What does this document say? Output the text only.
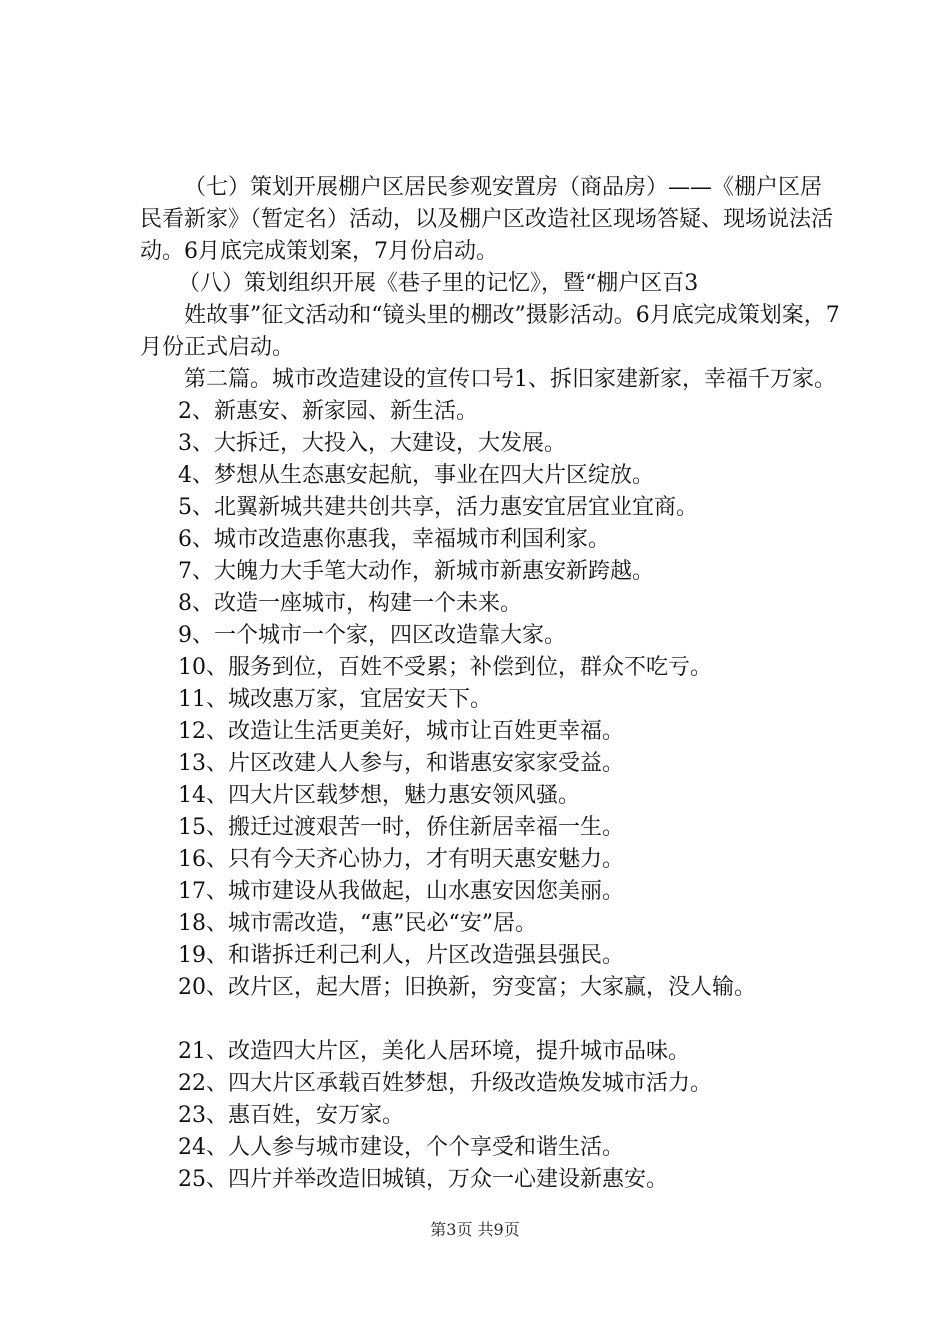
（七）策划开展棚户区居民参观安置房（商品房）——《棚户区居民看新家》（暂定名）活动，以及棚户区改造社区现场答疑、现场说法活动。6月底完成策划案，7月份启动。

（八）策划组织开展《巷子里的记忆》，暨“棚户区百3

姓故事”征文活动和“镜头里的棚改”摄影活动。6月底完成策划案，7月份正式启动。

第二篇。城市改造建设的宣传口号1、拆旧家建新家，幸福千万家。

2、新惠安、新家园、新生活。

3、大拆迁，大投入，大建设，大发展。

4、梦想从生态惠安起航，事业在四大片区绽放。

5、北翼新城共建共创共享，活力惠安宜居宜业宜商。

6、城市改造惠你惠我，幸福城市利国利家。

7、大魄力大手笔大动作，新城市新惠安新跨越。

8、改造一座城市，构建一个未来。

9、一个城市一个家，四区改造靠大家。

10、服务到位，百姓不受累；补偿到位，群众不吃亏。

11、城改惠万家，宜居安天下。

12、改造让生活更美好，城市让百姓更幸福。

13、片区改建人人参与，和谐惠安家家受益。

14、四大片区载梦想，魅力惠安领风骚。

15、搬迁过渡艰苦一时，侨住新居幸福一生。

16、只有今天齐心协力，才有明天惠安魅力。

17、城市建设从我做起，山水惠安因您美丽。

18、城市需改造，“惠”民必“安”居。

19、和谐拆迁利己利人，片区改造强县强民。

20、改片区，起大厝；旧换新，穷变富；大家赢，没人输。

21、改造四大片区，美化人居环境，提升城市品味。

22、四大片区承载百姓梦想，升级改造焕发城市活力。

23、惠百姓，安万家。

24、人人参与城市建设，个个享受和谐生活。

25、四片并举改造旧城镇，万众一心建设新惠安。

第3页 共9页
